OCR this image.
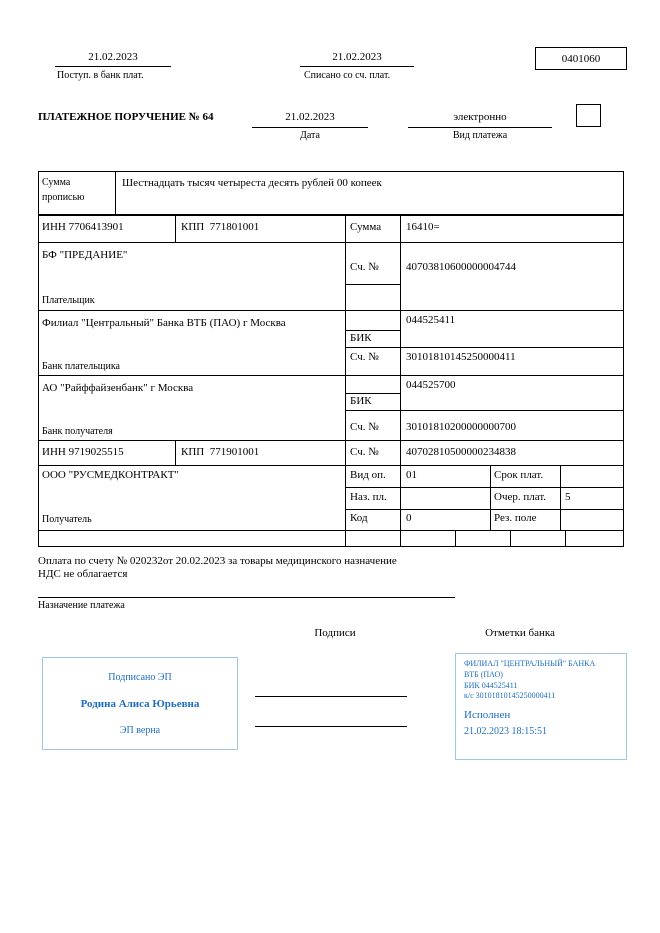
21.02.2023
Поступ. в банк плат.
21.02.2023
Списано со сч. плат.
0401060
ПЛАТЕЖНОЕ ПОРУЧЕНИЕ № 64	21.02.2023
Дата
электронно
Вид платежа
Сумма прописью
Шестнадцать тысяч четыреста десять рублей 00 копеек
ИНН 7706413901	КПП  771801001	Сумма 16410=
БФ "ПРЕДАНИЕ"
Сч. № 40703810600000004744
Плательщик
Филиал "Центральный" Банка ВТБ (ПАО) г Москва	044525411
БИК
Сч. № 30101810145250000411
Банк плательщика
АО "Райффайзенбанк" г Москва	044525700
БИК
Сч. № 30101810200000000700
Банк получателя
ИНН 9719025515	КПП  771901001	Сч. № 40702810500000234838
ООО "РУСМЕДКОНТРАКТ"	Вид оп. 01	Срок плат.
Наз. пл.	Очер. плат. 5
Код	0	Рез. поле
Получатель
Оплата по счету № 020232от 20.02.2023 за товары медицинского назначение
НДС не облагается
Назначение платежа
Подписи	Отметки банка
Подписано ЭП
Родина Алиса Юрьевна
ЭП верна
ФИЛИАЛ "ЦЕНТРАЛЬНЫЙ" БАНКА
ВТБ (ПАО)
БИК 044525411
к/с 30101810145250000411
Исполнен
21.02.2023 18:15:51
